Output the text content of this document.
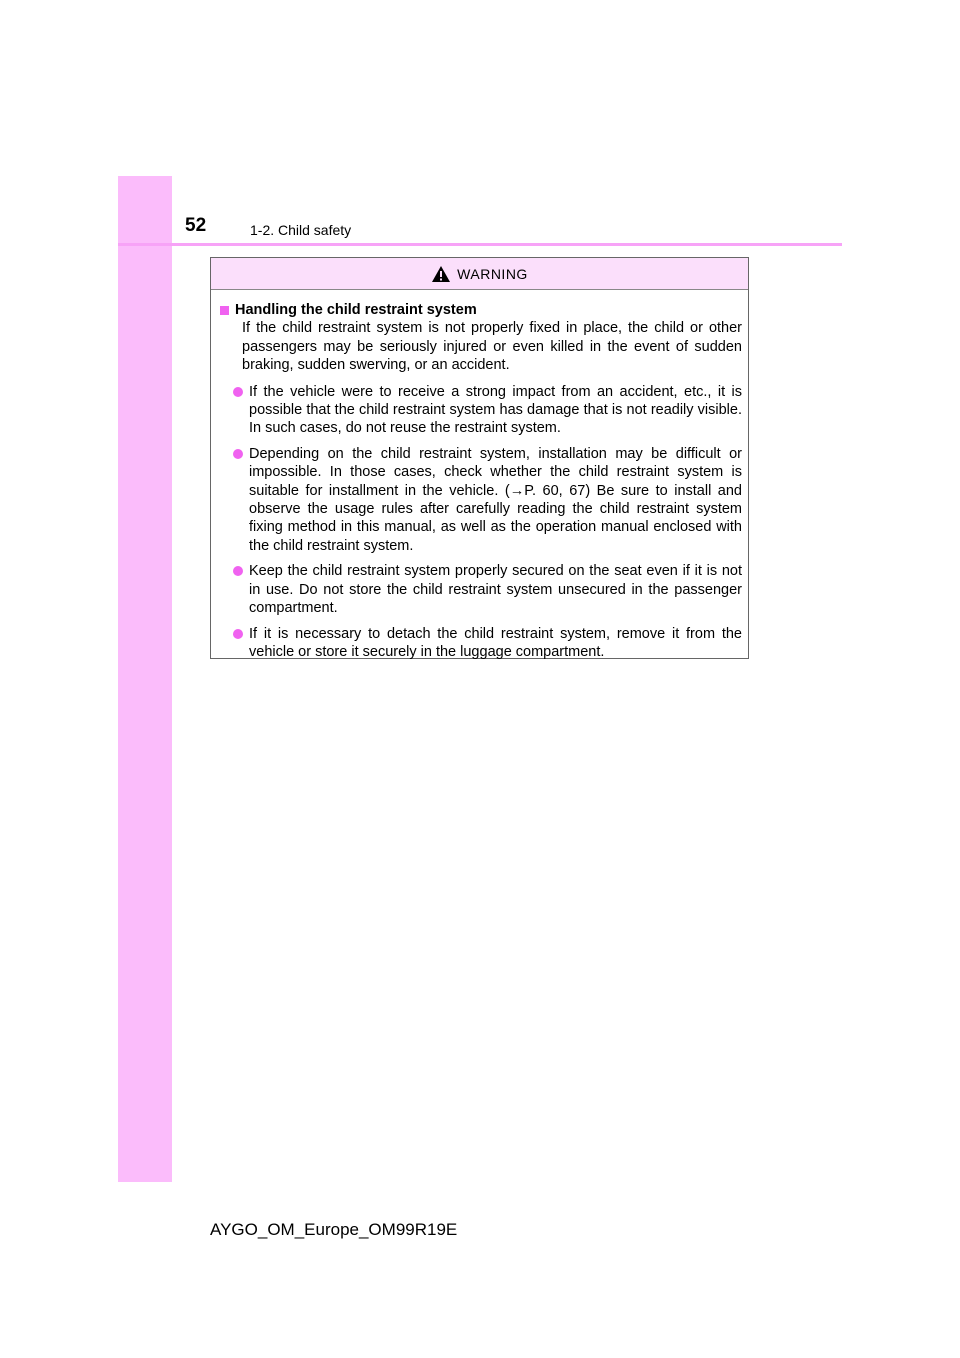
52	1-2. Child safety
WARNING
Handling the child restraint system
If the child restraint system is not properly fixed in place, the child or other passengers may be seriously injured or even killed in the event of sudden braking, sudden swerving, or an accident.
If the vehicle were to receive a strong impact from an accident, etc., it is possible that the child restraint system has damage that is not readily visible. In such cases, do not reuse the restraint system.
Depending on the child restraint system, installation may be difficult or impossible. In those cases, check whether the child restraint system is suitable for installment in the vehicle. (→P. 60, 67) Be sure to install and observe the usage rules after carefully reading the child restraint system fixing method in this manual, as well as the operation manual enclosed with the child restraint system.
Keep the child restraint system properly secured on the seat even if it is not in use. Do not store the child restraint system unsecured in the passenger compartment.
If it is necessary to detach the child restraint system, remove it from the vehicle or store it securely in the luggage compartment.
AYGO_OM_Europe_OM99R19E
